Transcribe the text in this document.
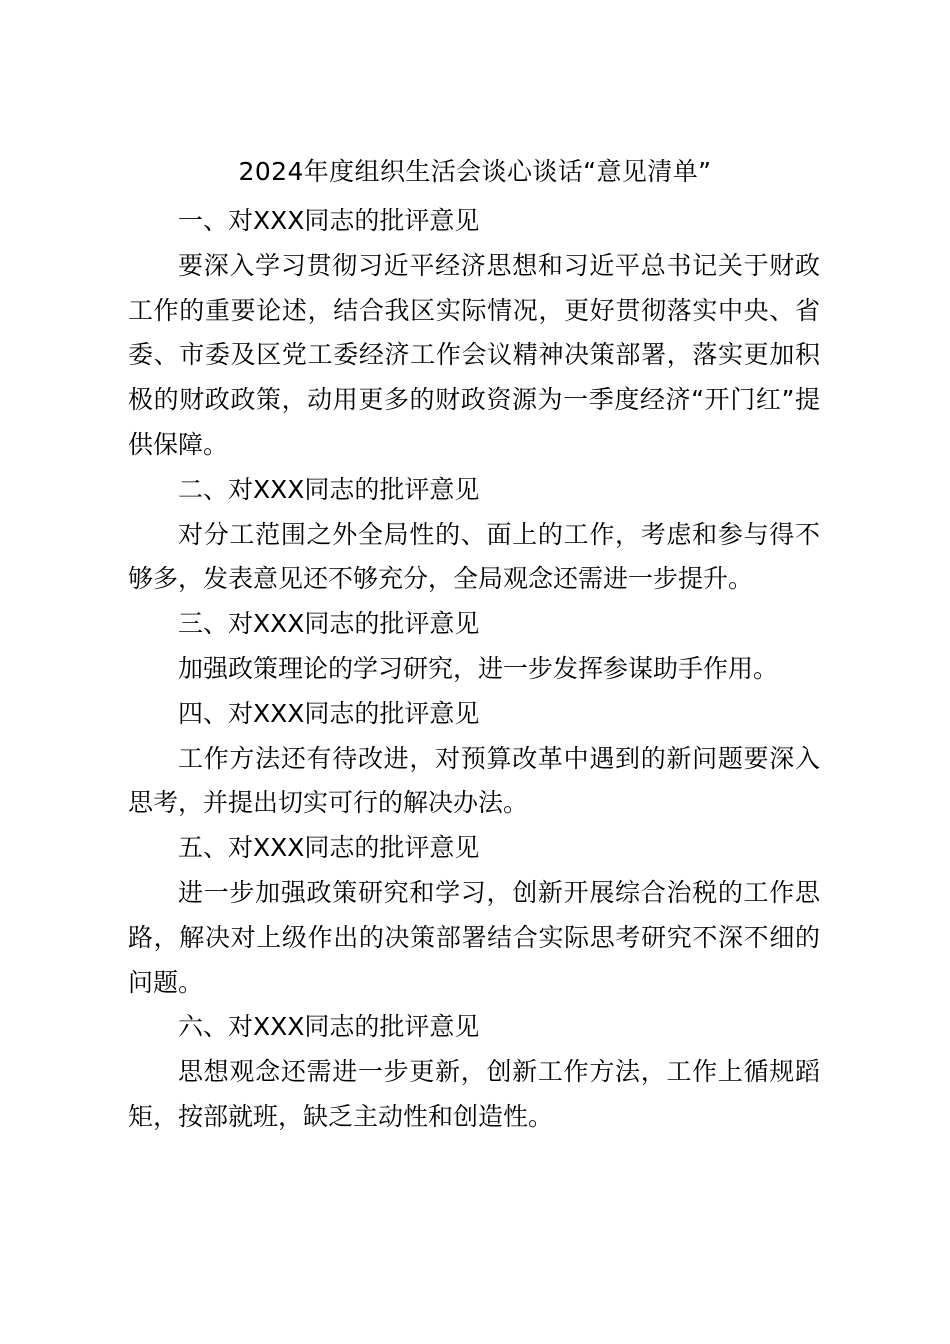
2024年度组织生活会谈心谈话“意见清单”

一、对XXX同志的批评意见

要深入学习贯彻习近平经济思想和习近平总书记关于财政工作的重要论述，结合我区实际情况，更好贯彻落实中央、省委、市委及区党工委经济工作会议精神决策部署，落实更加积极的财政政策，动用更多的财政资源为一季度经济“开门红”提供保障。

二、对XXX同志的批评意见

对分工范围之外全局性的、面上的工作，考虑和参与得不够多，发表意见还不够充分，全局观念还需进一步提升。

三、对XXX同志的批评意见

加强政策理论的学习研究，进一步发挥参谋助手作用。

四、对XXX同志的批评意见

工作方法还有待改进，对预算改革中遇到的新问题要深入思考，并提出切实可行的解决办法。

五、对XXX同志的批评意见

进一步加强政策研究和学习，创新开展综合治税的工作思路，解决对上级作出的决策部署结合实际思考研究不深不细的问题。

六、对XXX同志的批评意见

思想观念还需进一步更新，创新工作方法，工作上循规蹈矩，按部就班，缺乏主动性和创造性。
